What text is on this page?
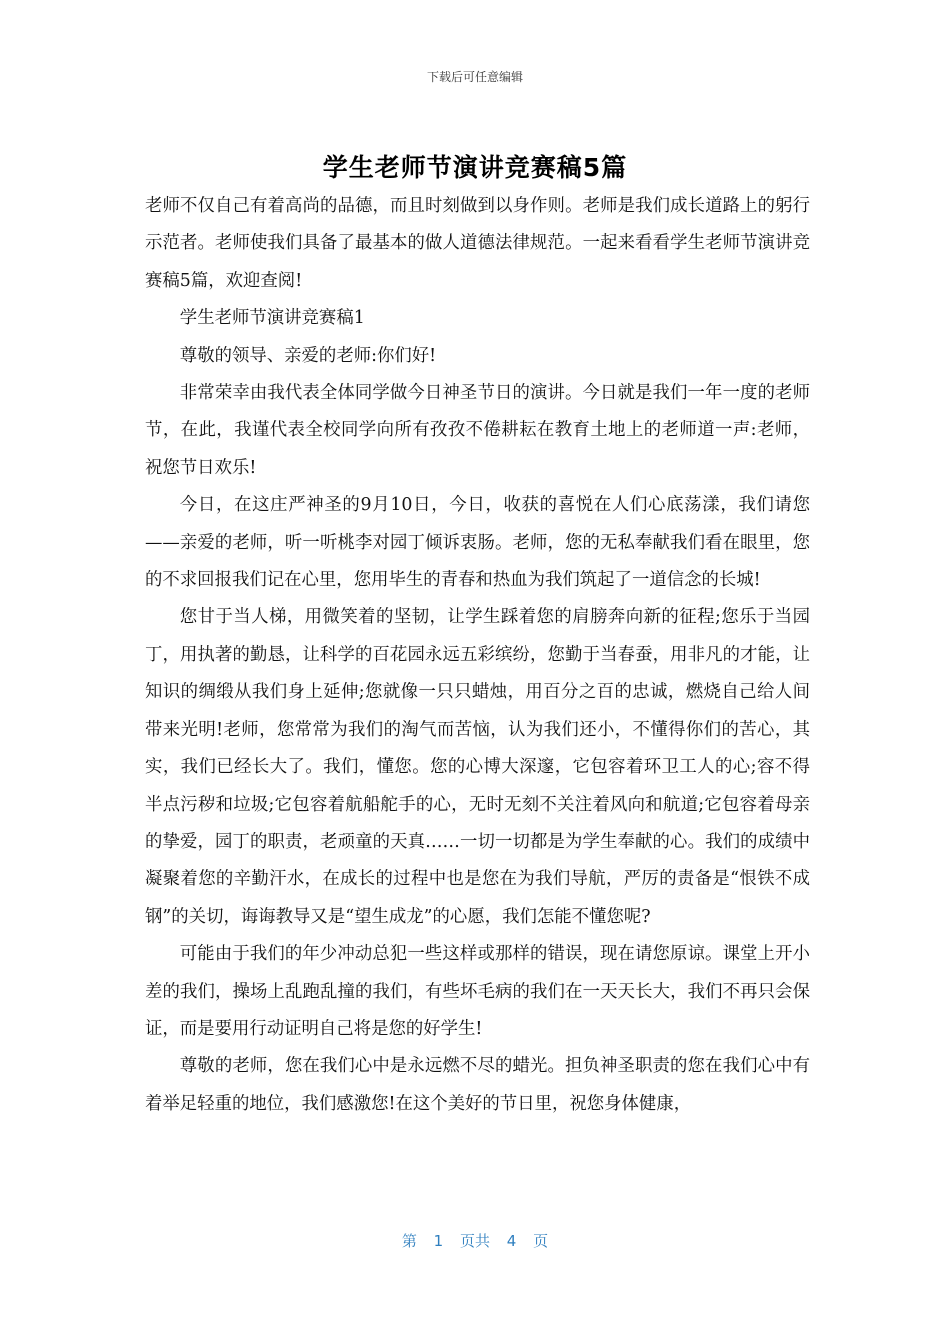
下载后可任意编辑
学生老师节演讲竞赛稿5篇

老师不仅自己有着高尚的品德，而且时刻做到以身作则。老师是我们成长道路上的躬行示范者。老师使我们具备了最基本的做人道德法律规范。一起来看看学生老师节演讲竞赛稿5篇，欢迎查阅!

学生老师节演讲竞赛稿1

尊敬的领导、亲爱的老师:你们好!

非常荣幸由我代表全体同学做今日神圣节日的演讲。今日就是我们一年一度的老师节，在此，我谨代表全校同学向所有孜孜不倦耕耘在教育土地上的老师道一声:老师，祝您节日欢乐!

今日，在这庄严神圣的9月10日，今日，收获的喜悦在人们心底荡漾，我们请您——亲爱的老师，听一听桃李对园丁倾诉衷肠。老师，您的无私奉献我们看在眼里，您的不求回报我们记在心里，您用毕生的青春和热血为我们筑起了一道信念的长城!

您甘于当人梯，用微笑着的坚韧，让学生踩着您的肩膀奔向新的征程;您乐于当园丁，用执著的勤恳，让科学的百花园永远五彩缤纷，您勤于当春蚕，用非凡的才能，让知识的绸缎从我们身上延伸;您就像一只只蜡烛，用百分之百的忠诚，燃烧自己给人间带来光明!老师，您常常为我们的淘气而苦恼，认为我们还小，不懂得你们的苦心，其实，我们已经长大了。我们，懂您。您的心博大深邃，它包容着环卫工人的心;容不得半点污秽和垃圾;它包容着航船舵手的心，无时无刻不关注着风向和航道;它包容着母亲的挚爱，园丁的职责，老顽童的天真……一切一切都是为学生奉献的心。我们的成绩中凝聚着您的辛勤汗水，在成长的过程中也是您在为我们导航，严厉的责备是“恨铁不成钢”的关切，诲诲教导又是“望生成龙”的心愿，我们怎能不懂您呢?

可能由于我们的年少冲动总犯一些这样或那样的错误，现在请您原谅。课堂上开小差的我们，操场上乱跑乱撞的我们，有些坏毛病的我们在一天天长大，我们不再只会保证，而是要用行动证明自己将是您的好学生!

尊敬的老师，您在我们心中是永远燃不尽的蜡光。担负神圣职责的您在我们心中有着举足轻重的地位，我们感激您!在这个美好的节日里，祝您身体健康，

第 1 页共 4 页
